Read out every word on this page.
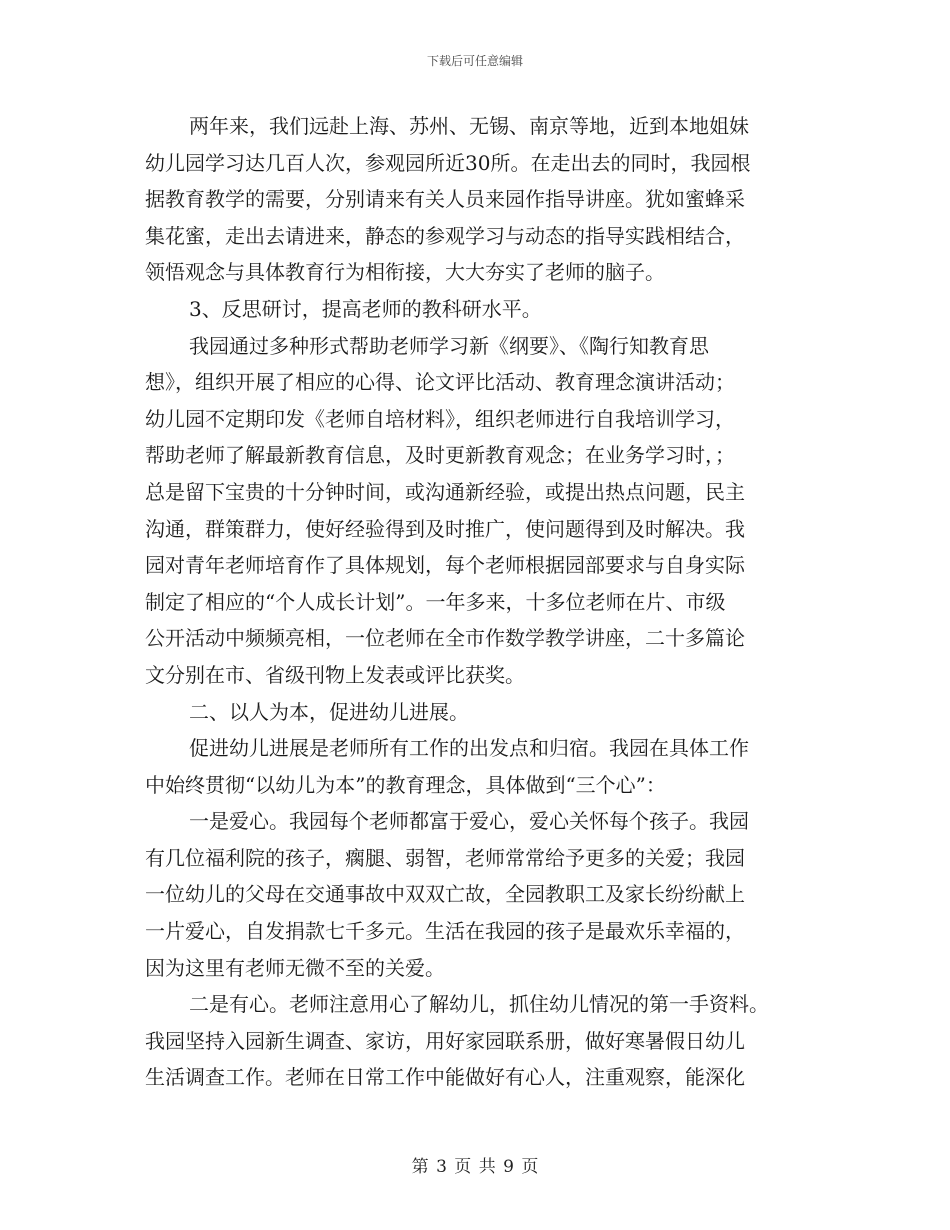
下载后可任意编辑
两年来，我们远赴上海、苏州、无锡、南京等地，近到本地姐妹
幼儿园学习达几百人次，参观园所近30所。在走出去的同时，我园根
据教育教学的需要，分别请来有关人员来园作指导讲座。犹如蜜蜂采
集花蜜，走出去请进来，静态的参观学习与动态的指导实践相结合，
领悟观念与具体教育行为相衔接，大大夯实了老师的脑子。
3、反思研讨，提高老师的教科研水平。
我园通过多种形式帮助老师学习新《纲要》、《陶行知教育思
想》，组织开展了相应的心得、论文评比活动、教育理念演讲活动；
幼儿园不定期印发《老师自培材料》，组织老师进行自我培训学习，
帮助老师了解最新教育信息，及时更新教育观念；在业务学习时，；
总是留下宝贵的十分钟时间，或沟通新经验，或提出热点问题，民主
沟通，群策群力，使好经验得到及时推广，使问题得到及时解决。我
园对青年老师培育作了具体规划，每个老师根据园部要求与自身实际
制定了相应的“个人成长计划”。一年多来，十多位老师在片、市级
公开活动中频频亮相，一位老师在全市作数学教学讲座，二十多篇论
文分别在市、省级刊物上发表或评比获奖。
二、以人为本，促进幼儿进展。
促进幼儿进展是老师所有工作的出发点和归宿。我园在具体工作
中始终贯彻“以幼儿为本”的教育理念，具体做到“三个心”：
一是爱心。我园每个老师都富于爱心，爱心关怀每个孩子。我园
有几位福利院的孩子，瘸腿、弱智，老师常常给予更多的关爱；我园
一位幼儿的父母在交通事故中双双亡故，全园教职工及家长纷纷献上
一片爱心，自发捐款七千多元。生活在我园的孩子是最欢乐幸福的，
因为这里有老师无微不至的关爱。
二是有心。老师注意用心了解幼儿，抓住幼儿情况的第一手资料。
我园坚持入园新生调查、家访，用好家园联系册，做好寒暑假日幼儿
生活调查工作。老师在日常工作中能做好有心人，注重观察，能深化
第 3 页 共 9 页
